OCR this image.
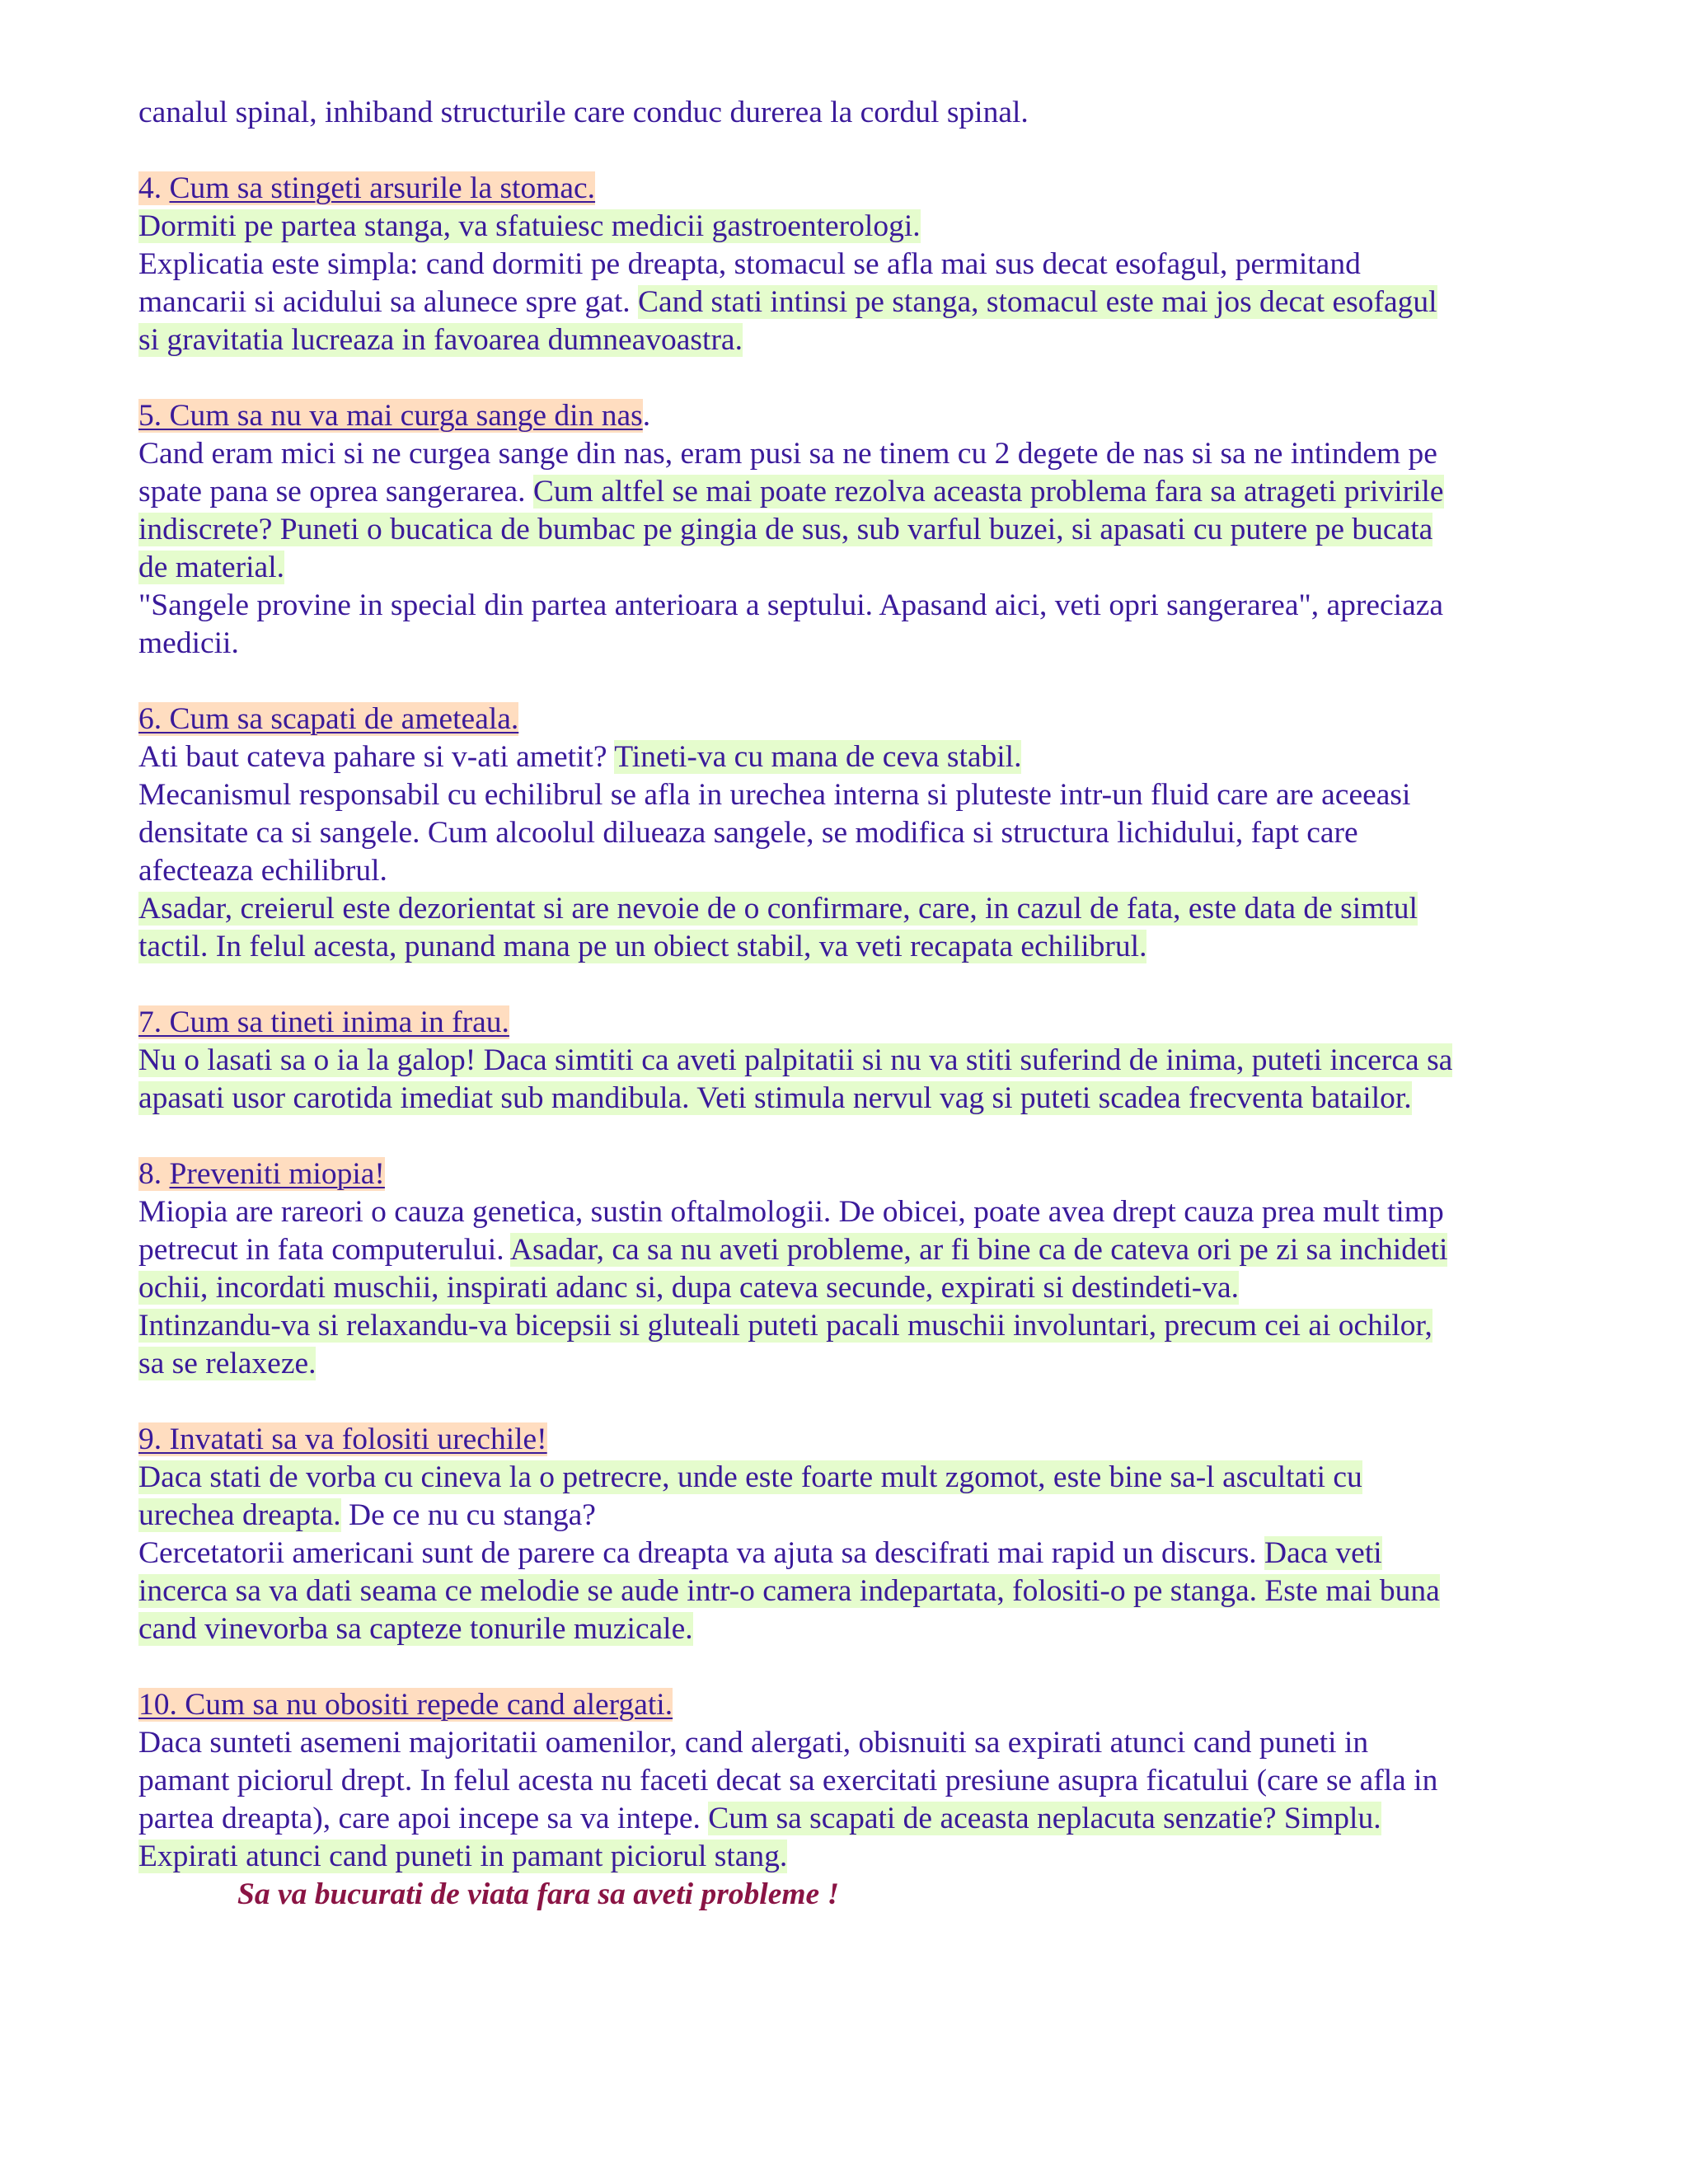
canalul spinal, inhiband structurile care conduc durerea la cordul spinal.
4. Cum sa stingeti arsurile la stomac.
Dormiti pe partea stanga, va sfatuiesc medicii gastroenterologi.
Explicatia este simpla: cand dormiti pe dreapta, stomacul se afla mai sus decat esofagul, permitand
mancarii si acidului sa alunece spre gat. Cand stati intinsi pe stanga, stomacul este mai jos decat esofagul
si gravitatia lucreaza in favoarea dumneavoastra.
5. Cum sa nu va mai curga sange din nas.
Cand eram mici si ne curgea sange din nas, eram pusi sa ne tinem cu 2 degete de nas si sa ne intindem pe
spate pana se oprea sangerarea. Cum altfel se mai poate rezolva aceasta problema fara sa atrageti privirile
indiscrete? Puneti o bucatica de bumbac pe gingia de sus, sub varful buzei, si apasati cu putere pe bucata
de material.
"Sangele provine in special din partea anterioara a septului. Apasand aici, veti opri sangerarea", apreciaza
medicii.
6. Cum sa scapati de ameteala.
Ati baut cateva pahare si v-ati ametit? Tineti-va cu mana de ceva stabil.
Mecanismul responsabil cu echilibrul se afla in urechea interna si pluteste intr-un fluid care are aceeasi
densitate ca si sangele. Cum alcoolul dilueaza sangele, se modifica si structura lichidului, fapt care
afecteaza echilibrul.
Asadar, creierul este dezorientat si are nevoie de o confirmare, care, in cazul de fata, este data de simtul
tactil. In felul acesta, punand mana pe un obiect stabil, va veti recapata echilibrul.
7. Cum sa tineti inima in frau.
Nu o lasati sa o ia la galop! Daca simtiti ca aveti palpitatii si nu va stiti suferind de inima, puteti incerca sa
apasati usor carotida imediat sub mandibula. Veti stimula nervul vag si puteti scadea frecventa batailor.
8. Preveniti miopia!
Miopia are rareori o cauza genetica, sustin oftalmologii. De obicei, poate avea drept cauza prea mult timp
petrecut in fata computerului. Asadar, ca sa nu aveti probleme, ar fi bine ca de cateva ori pe zi sa inchideti
ochii, incordati muschii, inspirati adanc si, dupa cateva secunde, expirati si destindeti-va.
Intinzandu-va si relaxandu-va bicepsii si gluteali puteti pacali muschii involuntari, precum cei ai ochilor,
sa se relaxeze.
9. Invatati sa va folositi urechile!
Daca stati de vorba cu cineva la o petrecre, unde este foarte mult zgomot, este bine sa-l ascultati cu
urechea dreapta. De ce nu cu stanga?
Cercetatorii americani sunt de parere ca dreapta va ajuta sa descifrati mai rapid un discurs. Daca veti
incerca sa va dati seama ce melodie se aude intr-o camera indepartata, folositi-o pe stanga. Este mai buna
cand vinevorba sa capteze tonurile muzicale.
10. Cum sa nu obositi repede cand alergati.
Daca sunteti asemeni majoritatii oamenilor, cand alergati, obisnuiti sa expirati atunci cand puneti in
pamant piciorul drept. In felul acesta nu faceti decat sa exercitati presiune asupra ficatului (care se afla in
partea dreapta), care apoi incepe sa va intepe. Cum sa scapati de aceasta neplacuta senzatie? Simplu.
Expirati atunci cand puneti in pamant piciorul stang.
Sa va bucurati de viata fara sa aveti probleme !
